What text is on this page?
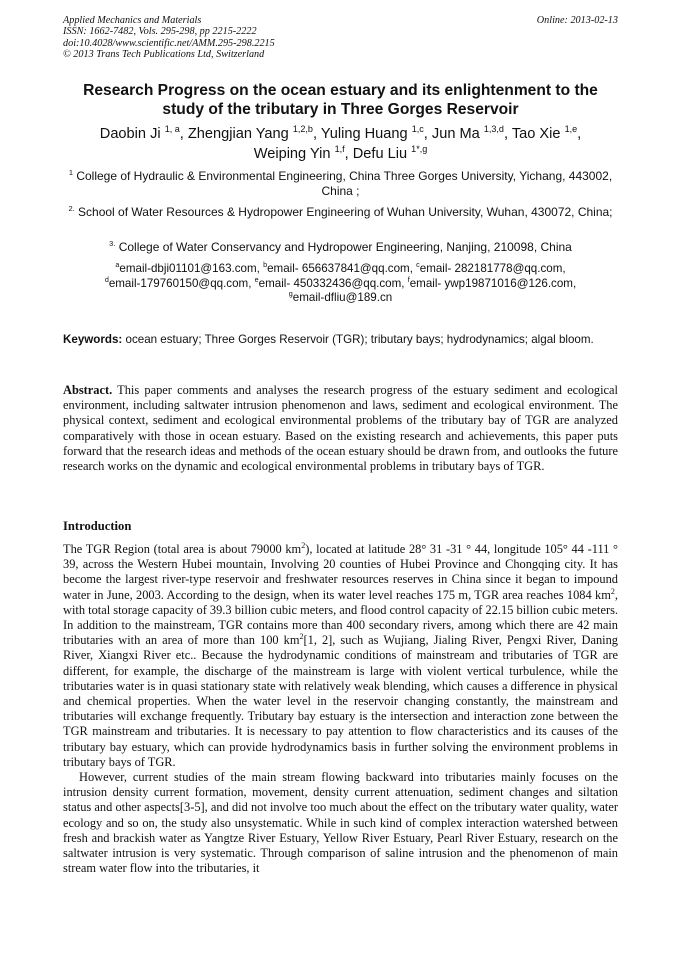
Applied Mechanics and Materials
ISSN: 1662-7482, Vols. 295-298, pp 2215-2222
doi:10.4028/www.scientific.net/AMM.295-298.2215
© 2013 Trans Tech Publications Ltd, Switzerland
Online: 2013-02-13
Research Progress on the ocean estuary and its enlightenment to the study of the tributary in Three Gorges Reservoir
Daobin Ji $^{1, a}$, Zhengjian Yang $^{1,2,b}$, Yuling Huang $^{1,c}$, Jun Ma $^{1,3,d}$, Tao Xie $^{1,e}$,
Weiping Yin $^{1,f}$, Defu Liu $^{1*,g}$
$^1$ College of Hydraulic & Environmental Engineering, China Three Gorges University, Yichang, 443002, China ;
$^{2.}$ School of Water Resources & Hydropower Engineering of Wuhan University, Wuhan, 430072, China;
$^{3.}$ College of Water Conservancy and Hydropower Engineering, Nanjing, 210098, China
$^a$email-dbji01101@163.com, $^b$email- 656637841@qq.com, $^c$email- 282181778@qq.com,
$^d$email-179760150@qq.com, $^e$email- 450332436@qq.com, $^f$email- ywp19871016@126.com,
$^g$email-dfliu@189.cn
Keywords: ocean estuary; Three Gorges Reservoir (TGR); tributary bays; hydrodynamics; algal bloom.

Abstract. This paper comments and analyses the research progress of the estuary sediment and ecological environment, including saltwater intrusion phenomenon and laws, sediment and ecological environment. The physical context, sediment and ecological environmental problems of the tributary bay of TGR are analyzed comparatively with those in ocean estuary. Based on the existing research and achievements, this paper puts forward that the research ideas and methods of the ocean estuary should be drawn from, and outlooks the future research works on the dynamic and ecological environmental problems in tributary bays of TGR.

Introduction

The TGR Region (total area is about 79000 $km^2$), located at latitude 28° 31 -31 ° 44, longitude 105° 44 -111 ° 39, across the Western Hubei mountain, Involving 20 counties of Hubei Province and Chongqing city. It has become the largest river-type reservoir and freshwater resources reserves in China since it began to impound water in June, 2003. According to the design, when its water level reaches 175 m, TGR area reaches 1084 $km^2$, with total storage capacity of 39.3 billion cubic meters, and flood control capacity of 22.15 billion cubic meters. In addition to the mainstream, TGR contains more than 400 secondary rivers, among which there are 42 main tributaries with an area of more than 100 $km^2[1$, 2], such as Wujiang, Jialing River, Pengxi River, Daning River, Xiangxi River etc.. Because the hydrodynamic conditions of mainstream and tributaries of TGR are different, for example, the discharge of the mainstream is large with violent vertical turbulence, while the tributaries water is in quasi stationary state with relatively weak blending, which causes a difference in physical and chemical properties. When the water level in the reservoir changing constantly, the mainstream and tributaries will exchange frequently. Tributary bay estuary is the intersection and interaction zone between the TGR mainstream and tributaries. It is necessary to pay attention to flow characteristics and its causes of the tributary bay estuary, which can provide hydrodynamics basis in further solving the environment problems in tributary bays of TGR.

However, current studies of the main stream flowing backward into tributaries mainly focuses on the intrusion density current formation, movement, density current attenuation, sediment changes and siltation status and other aspects[3-5], and did not involve too much about the effect on the tributary water quality, water ecology and so on, the study also unsystematic. While in such kind of complex interaction watershed between fresh and brackish water as Yangtze River Estuary, Yellow River Estuary, Pearl River Estuary, research on the saltwater intrusion is very systematic. Through comparison of saline intrusion and the phenomenon of main stream water flow into the tributaries, it
